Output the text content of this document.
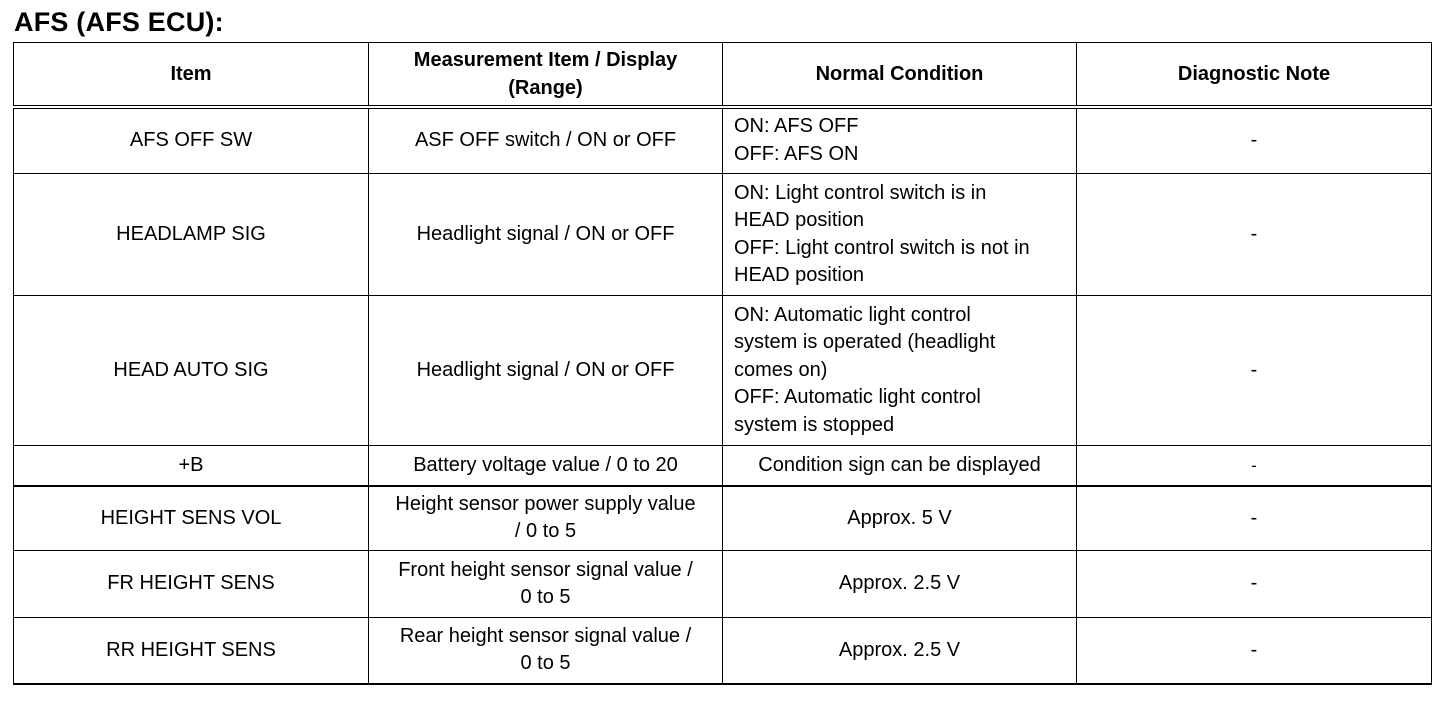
AFS (AFS ECU):
Item	Measurement Item / Display
(Range)	Normal Condition	Diagnostic Note
AFS OFF SW	ASF OFF switch / ON or OFF	ON: AFS OFF
OFF: AFS ON	-
HEADLAMP SIG	Headlight signal / ON or OFF	ON: Light control switch is in
HEAD position
OFF: Light control switch is not in
HEAD position	-
HEAD AUTO SIG	Headlight signal / ON or OFF	ON: Automatic light control
system is operated (headlight
comes on)
OFF: Automatic light control
system is stopped	-
+B	Battery voltage value / 0 to 20	Condition sign can be displayed	-
HEIGHT SENS VOL	Height sensor power supply value
/ 0 to 5	Approx. 5 V	-
FR HEIGHT SENS	Front height sensor signal value /
0 to 5	Approx. 2.5 V	-
RR HEIGHT SENS	Rear height sensor signal value /
0 to 5	Approx. 2.5 V	-
